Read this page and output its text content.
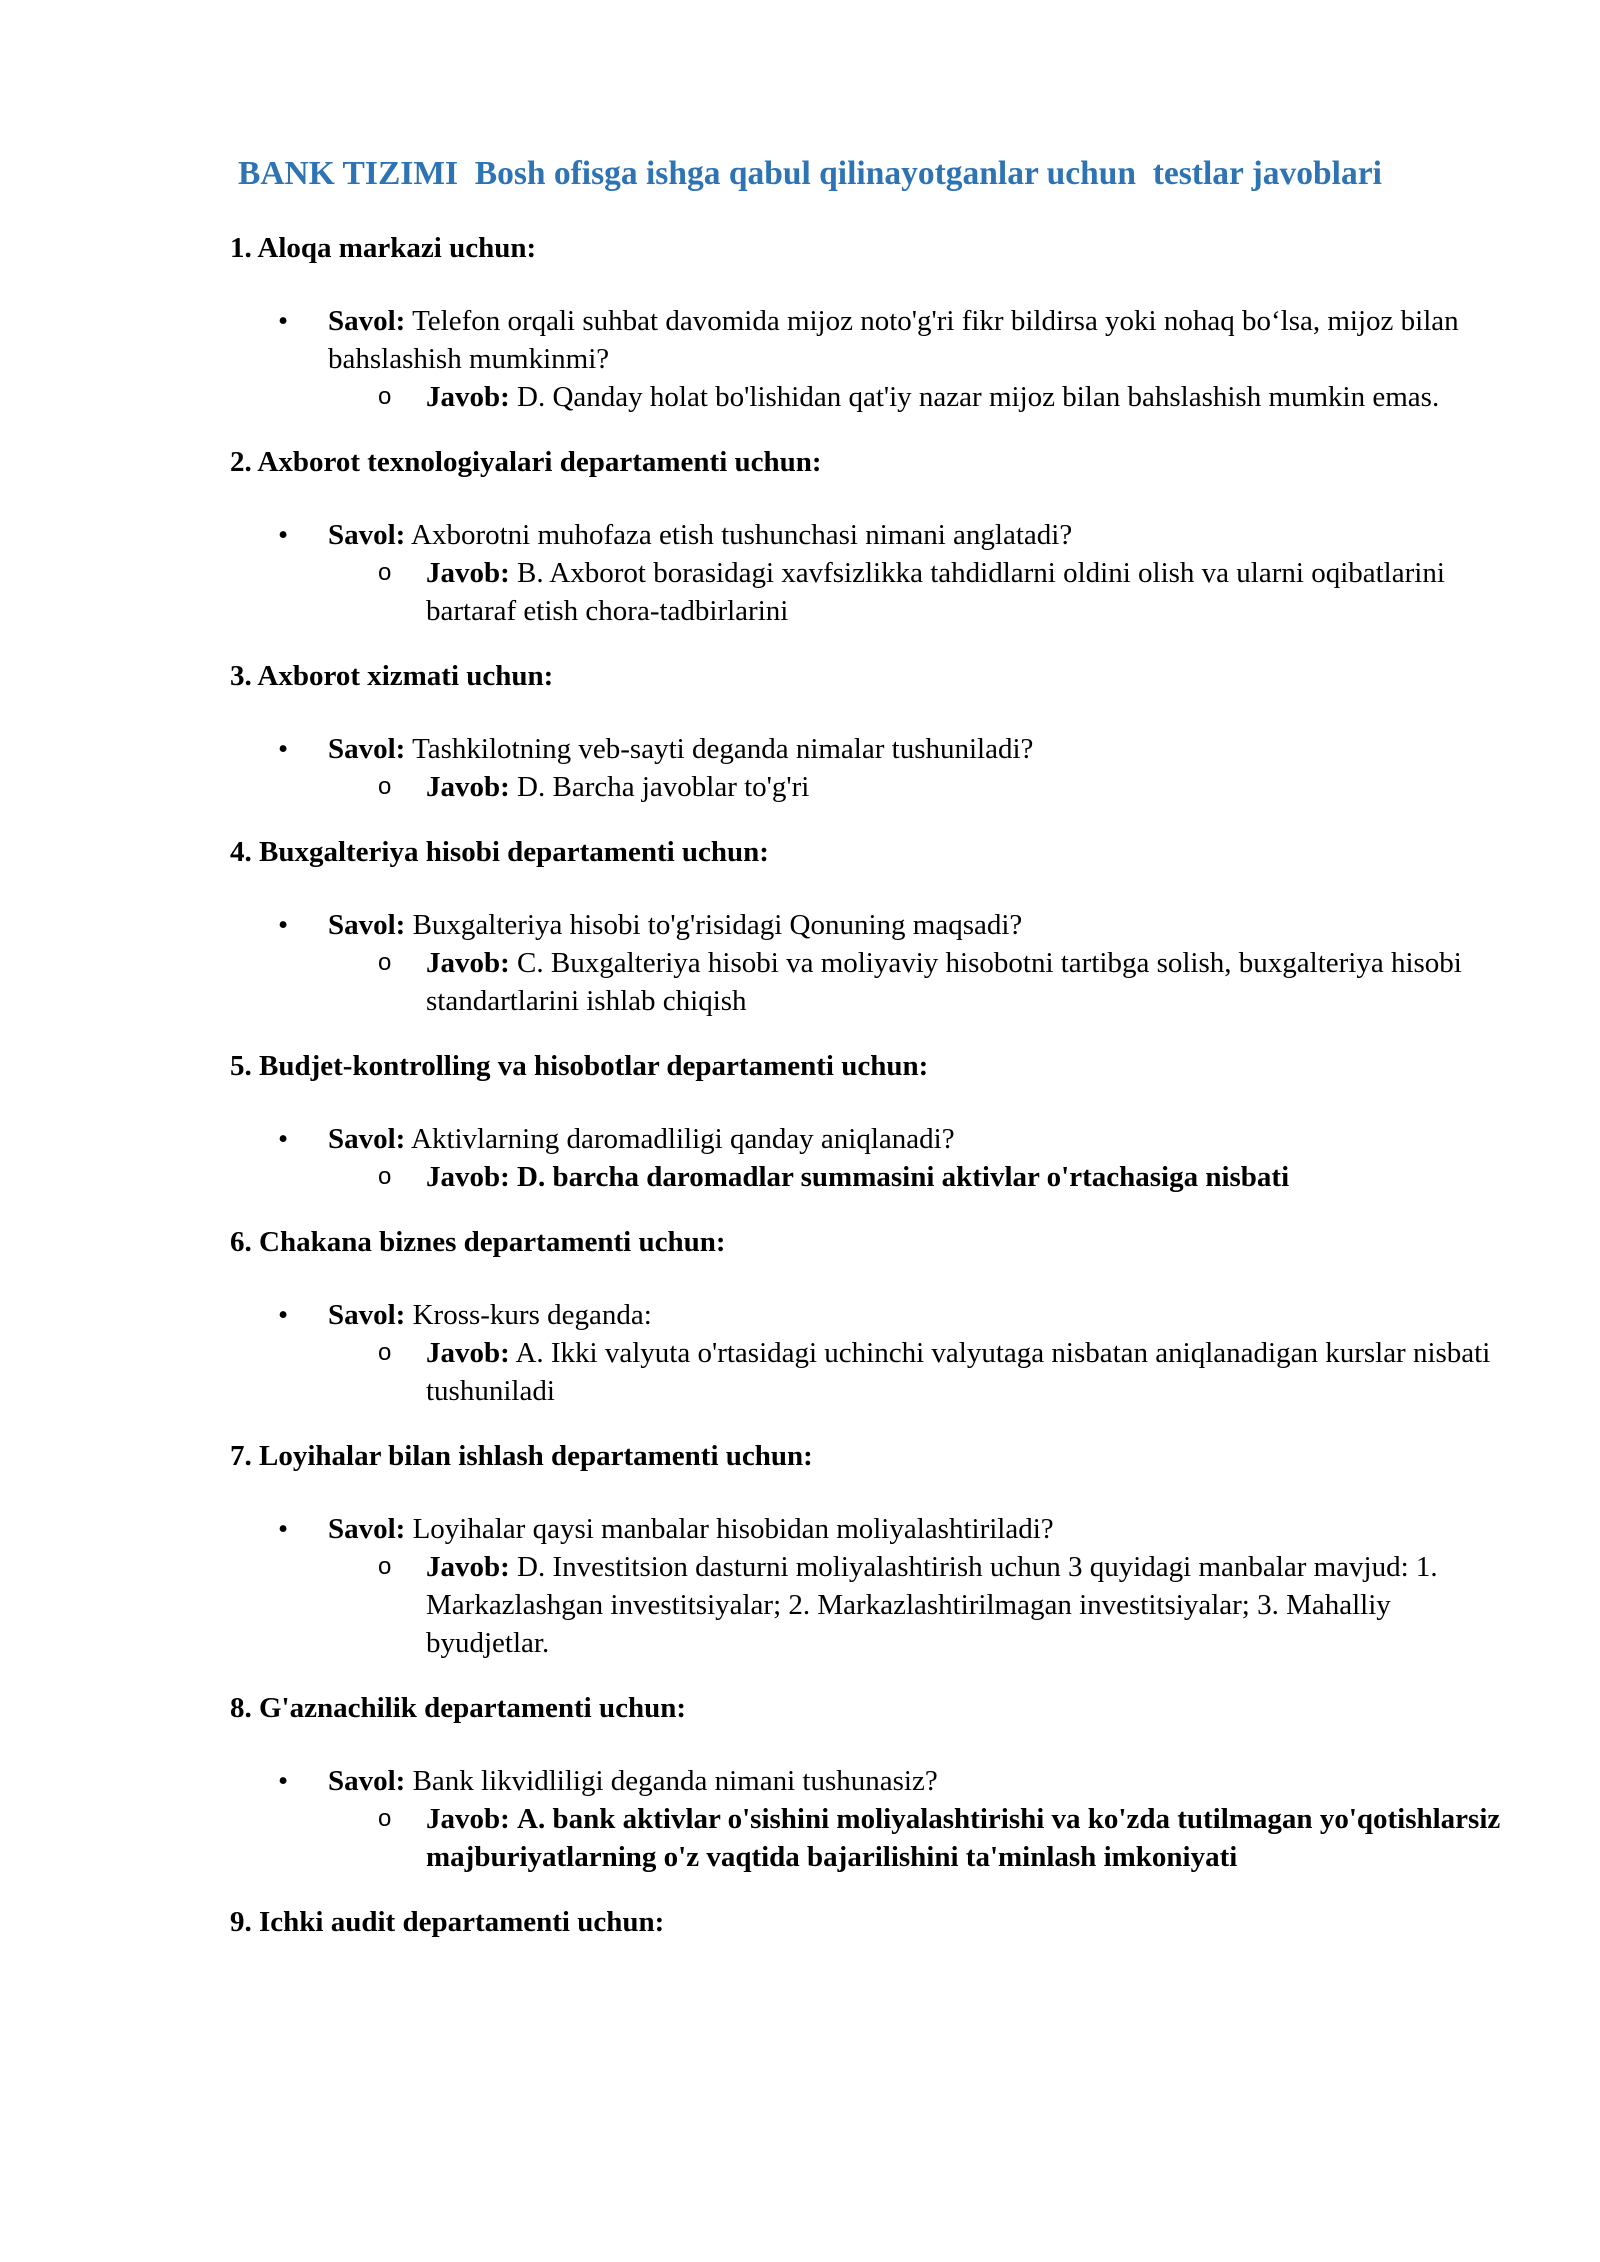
BANK TIZIMI  Bosh ofisga ishga qabul qilinayotganlar uchun  testlar javoblari
1. Aloqa markazi uchun:
• Savol: Telefon orqali suhbat davomida mijoz noto'g'ri fikr bildirsa yoki nohaq bo‘lsa, mijoz bilan bahslashish mumkinmi?
o Javob: D. Qanday holat bo'lishidan qat'iy nazar mijoz bilan bahslashish mumkin emas.
2. Axborot texnologiyalari departamenti uchun:
• Savol: Axborotni muhofaza etish tushunchasi nimani anglatadi?
o Javob: B. Axborot borasidagi xavfsizlikka tahdidlarni oldini olish va ularni oqibatlarini bartaraf etish chora-tadbirlarini
3. Axborot xizmati uchun:
• Savol: Tashkilotning veb-sayti deganda nimalar tushuniladi?
o Javob: D. Barcha javoblar to'g'ri
4. Buxgalteriya hisobi departamenti uchun:
• Savol: Buxgalteriya hisobi to'g'risidagi Qonuning maqsadi?
o Javob: C. Buxgalteriya hisobi va moliyaviy hisobotni tartibga solish, buxgalteriya hisobi standartlarini ishlab chiqish
5. Budjet-kontrolling va hisobotlar departamenti uchun:
• Savol: Aktivlarning daromadliligi qanday aniqlanadi?
o Javob: D. barcha daromadlar summasini aktivlar o'rtachasiga nisbati
6. Chakana biznes departamenti uchun:
• Savol: Kross-kurs deganda:
o Javob: A. Ikki valyuta o'rtasidagi uchinchi valyutaga nisbatan aniqlanadigan kurslar nisbati tushuniladi
7. Loyihalar bilan ishlash departamenti uchun:
• Savol: Loyihalar qaysi manbalar hisobidan moliyalashtiriladi?
o Javob: D. Investitsion dasturni moliyalashtirish uchun 3 quyidagi manbalar mavjud: 1. Markazlashgan investitsiyalar; 2. Markazlashtirilmagan investitsiyalar; 3. Mahalliy byudjetlar.
8. G'aznachilik departamenti uchun:
• Savol: Bank likvidliligi deganda nimani tushunasiz?
o Javob: A. bank aktivlar o'sishini moliyalashtirishi va ko'zda tutilmagan yo'qotishlarsiz majburiyatlarning o'z vaqtida bajarilishini ta'minlash imkoniyati
9. Ichki audit departamenti uchun:
